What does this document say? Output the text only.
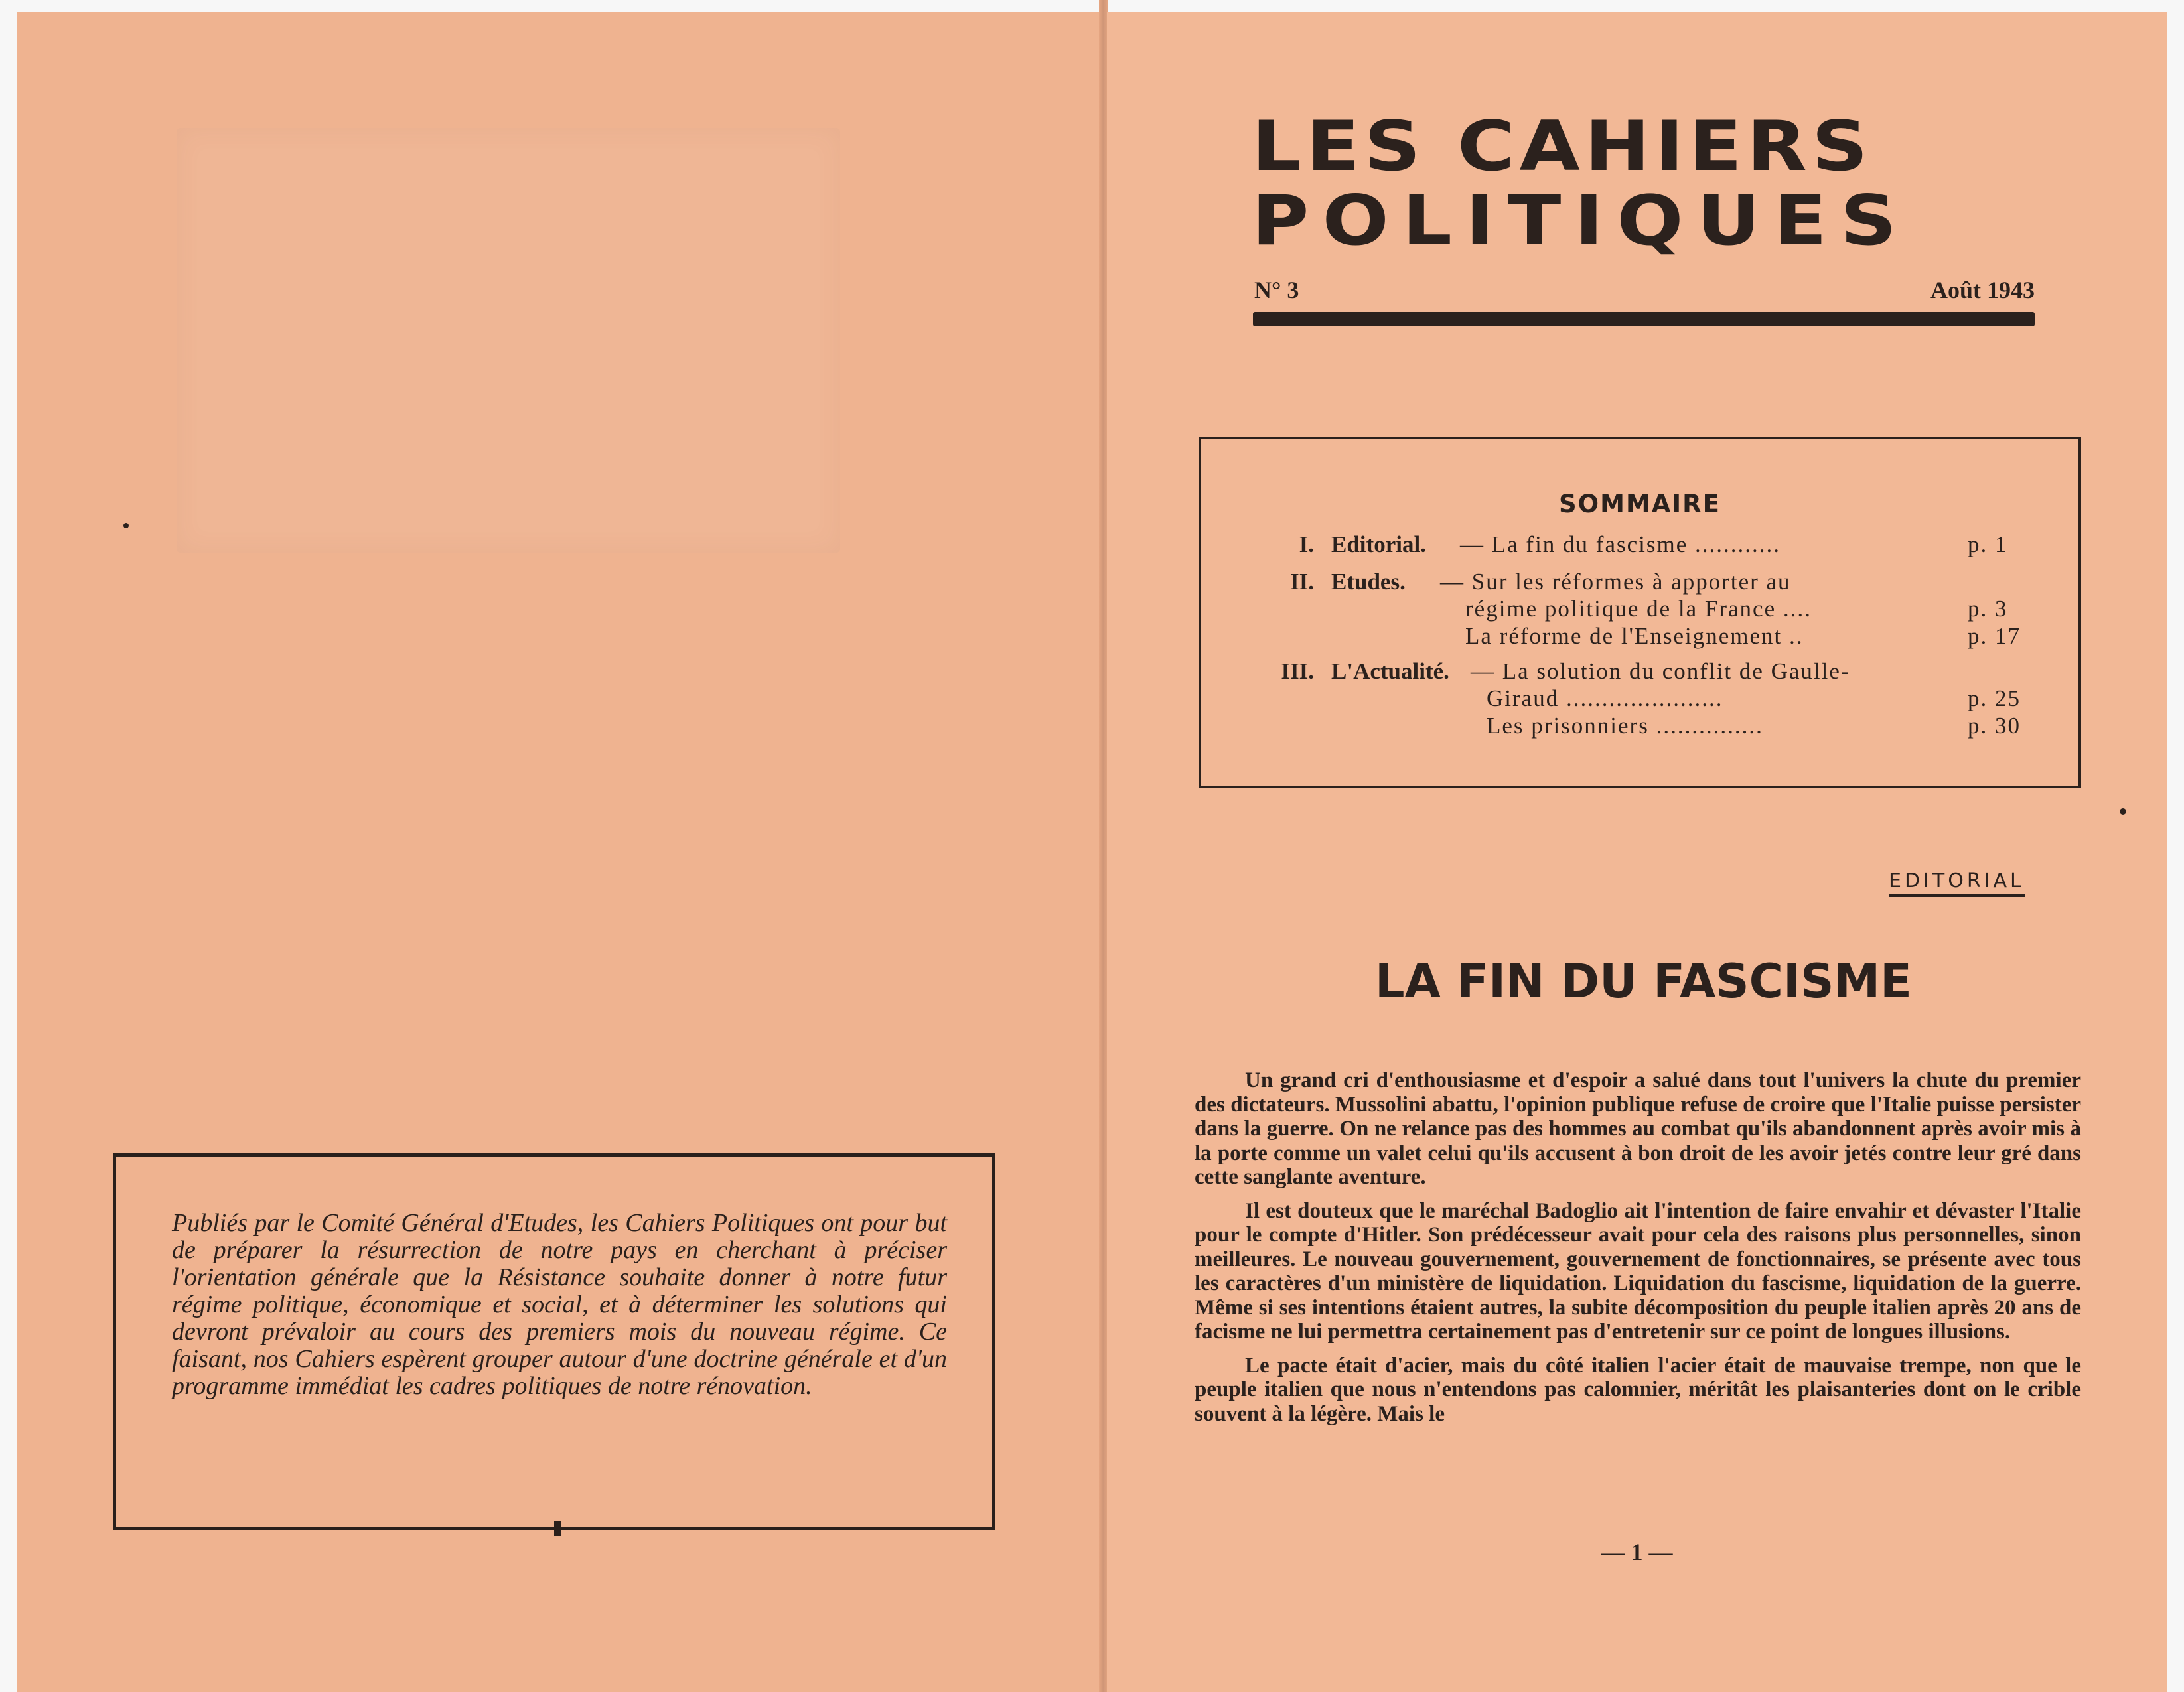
Publiés par le Comité Général d'Etudes, les Cahiers Politiques ont pour but de préparer la résurrection de notre pays en cherchant à préciser l'orientation générale que la Résistance souhaite donner à notre futur régime politique, économique et social, et à déterminer les solutions qui devront prévaloir au cours des premiers mois du nouveau régime. Ce faisant, nos Cahiers espèrent grouper autour d'une doctrine générale et d'un programme immédiat les cadres politiques de notre rénovation.

LES CAHIERS
POLITIQUES
N° 3	Août 1943
SOMMAIRE
I. Editorial. — La fin du fascisme ............	p. 1
II. Etudes. — Sur les réformes à apporter au
régime politique de la France ....	p. 3
La réforme de l'Enseignement ..	p. 17
III. L'Actualité. — La solution du conflit de Gaulle-
Giraud ......................	p. 25
Les prisonniers ...............	p. 30
EDITORIAL
LA FIN DU FASCISME

Un grand cri d'enthousiasme et d'espoir a salué dans tout l'univers la chute du premier des dictateurs. Mussolini abattu, l'opinion publique refuse de croire que l'Italie puisse persister dans la guerre. On ne relance pas des hommes au combat qu'ils abandonnent après avoir mis à la porte comme un valet celui qu'ils accusent à bon droit de les avoir jetés contre leur gré dans cette sanglante aventure.

Il est douteux que le maréchal Badoglio ait l'intention de faire envahir et dévaster l'Italie pour le compte d'Hitler. Son prédécesseur avait pour cela des raisons plus personnelles, sinon meilleures. Le nouveau gouvernement, gouvernement de fonctionnaires, se présente avec tous les caractères d'un ministère de liquidation. Liquidation du fascisme, liquidation de la guerre. Même si ses intentions étaient autres, la subite décomposition du peuple italien après 20 ans de facisme ne lui permettra certainement pas d'entretenir sur ce point de longues illusions.

Le pacte était d'acier, mais du côté italien l'acier était de mauvaise trempe, non que le peuple italien que nous n'entendons pas calomnier, méritât les plaisanteries dont on le crible souvent à la légère. Mais le

— 1 —
